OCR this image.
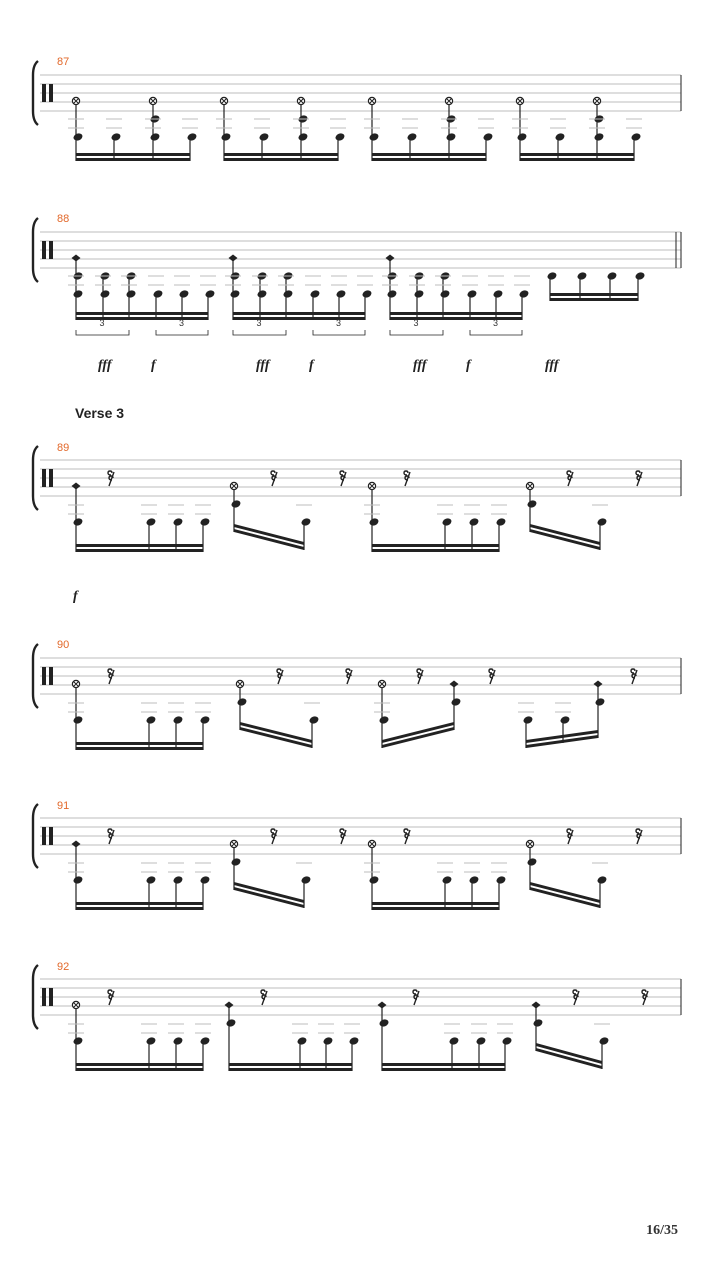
87
88
3	3	3	3	3	3
fff	f	fff	f	fff	f	fff
89
f
90
91
92
Verse 3
16/35
